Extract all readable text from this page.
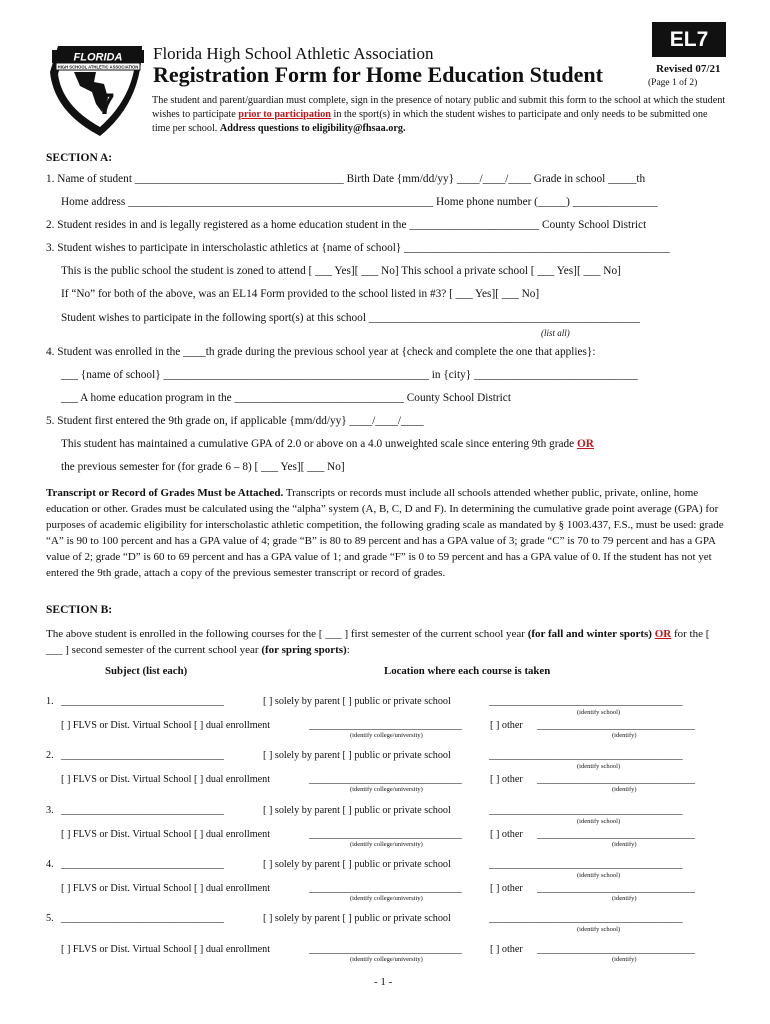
7
FLORIDA
HIGH SCHOOL ATHLETIC ASSOCIATION
Florida High School Athletic Association
Registration Form for Home Education Student
EL7
Revised 07/21
(Page 1 of 2)
The student and parent/guardian must complete, sign in the presence of notary public and submit this form to the school at which the student wishes to participate prior to participation in the sport(s) in which the student wishes to participate and only needs to be submitted one time per school. Address questions to eligibility@fhsaa.org.
SECTION A:
1. Name of student _____________________________________ Birth Date {mm/dd/yy} ____/____/____ Grade in school _____th
Home address ______________________________________________________ Home phone number (_____) _______________
2. Student resides in and is legally registered as a home education student in the _______________________ County School District
3. Student wishes to participate in interscholastic athletics at {name of school} _______________________________________________
This is the public school the student is zoned to attend [ ___ Yes][ ___ No] This school a private school [ ___ Yes][ ___ No]
If “No” for both of the above, was an EL14 Form provided to the school listed in #3? [ ___ Yes][ ___ No]
Student wishes to participate in the following sport(s) at this school ________________________________________________
(list all)
4. Student was enrolled in the ____th grade during the previous school year at {check and complete the one that applies}:
___ {name of school} _______________________________________________ in {city} _____________________________
___ A home education program in the ______________________________ County School District
5. Student first entered the 9th grade on, if applicable {mm/dd/yy} ____/____/____
This student has maintained a cumulative GPA of 2.0 or above on a 4.0 unweighted scale since entering 9th grade OR
the previous semester for (for grade 6 – 8) [ ___ Yes][ ___ No]
Transcript or Record of Grades Must be Attached. Transcripts or records must include all schools attended whether public, private, online, home education or other. Grades must be calculated using the “alpha” system (A, B, C, D and F). In determining the cumulative grade point average (GPA) for purposes of academic eligibility for interscholastic athletic competition, the following grading scale as mandated by § 1003.437, F.S., must be used: grade “A” is 90 to 100 percent and has a GPA value of 4; grade “B” is 80 to 89 percent and has a GPA value of 3; grade “C” is 70 to 79 percent and has a GPA value of 2; grade “D” is 60 to 69 percent and has a GPA value of 1; and grade “F” is 0 to 59 percent and has a GPA value of 0. If the student has not yet entered the 9th grade, attach a copy of the previous semester transcript or record of grades.
SECTION B:
The above student is enrolled in the following courses for the [ ___ ] first semester of the current school year (for fall and winter sports) OR for the [ ___ ] second semester of the current school year (for spring sports):
Subject (list each)	Location where each course is taken
1. ________________________________	[ ] solely by parent [ ] public or private school	______________________________________
(identify school)
[ ] FLVS or Dist. Virtual School [ ] dual enrollment	______________________________
(identify college/university)
[ ] other _______________________________
(identify)
2. ________________________________	[ ] solely by parent [ ] public or private school	______________________________________
(identify school)
[ ] FLVS or Dist. Virtual School [ ] dual enrollment	______________________________
(identify college/university)
[ ] other _______________________________
(identify)
3. ________________________________	[ ] solely by parent [ ] public or private school	______________________________________
(identify school)
[ ] FLVS or Dist. Virtual School [ ] dual enrollment	______________________________
(identify college/university)
[ ] other _______________________________
(identify)
4. ________________________________	[ ] solely by parent [ ] public or private school	______________________________________
(identify school)
[ ] FLVS or Dist. Virtual School [ ] dual enrollment	______________________________
(identify college/university)
[ ] other _______________________________
(identify)
5. ________________________________	[ ] solely by parent [ ] public or private school	______________________________________
(identify school)
[ ] FLVS or Dist. Virtual School [ ] dual enrollment	______________________________
(identify college/university)
[ ] other _______________________________
(identify)
- 1 -
